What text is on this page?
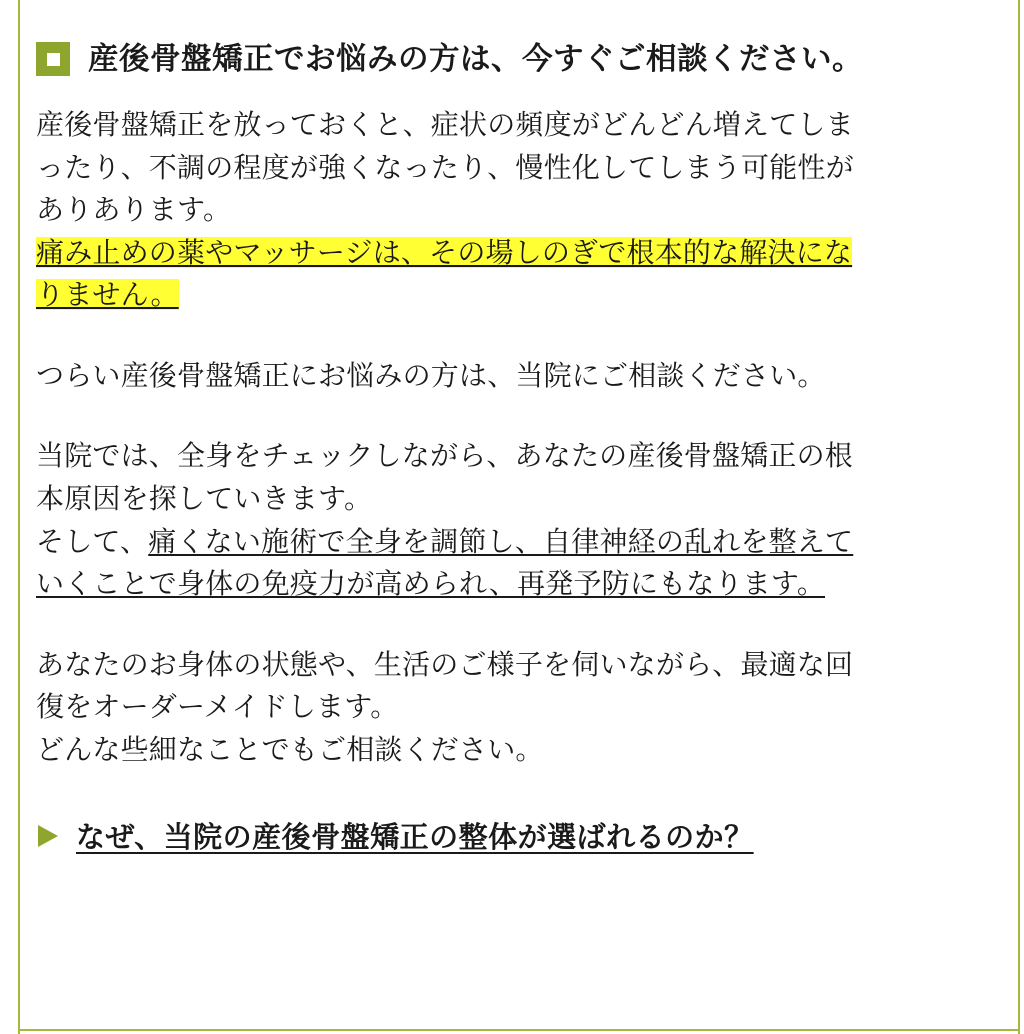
産後骨盤矯正でお悩みの方は、今すぐご相談ください。

産後骨盤矯正を放っておくと、症状の頻度がどんどん増えてしま
ったり、不調の程度が強くなったり、慢性化してしまう可能性が
ありあります。
痛み止めの薬やマッサージは、その場しのぎで根本的な解決にな
りません。

つらい産後骨盤矯正にお悩みの方は、当院にご相談ください。

当院では、全身をチェックしながら、あなたの産後骨盤矯正の根
本原因を探していきます。
そして、痛くない施術で全身を調節し、自律神経の乱れを整えて
いくことで身体の免疫力が高められ、再発予防にもなります。

あなたのお身体の状態や、生活のご様子を伺いながら、最適な回
復をオーダーメイドします。
どんな些細なことでもご相談ください。

なぜ、当院の産後骨盤矯正の整体が選ばれるのか？
